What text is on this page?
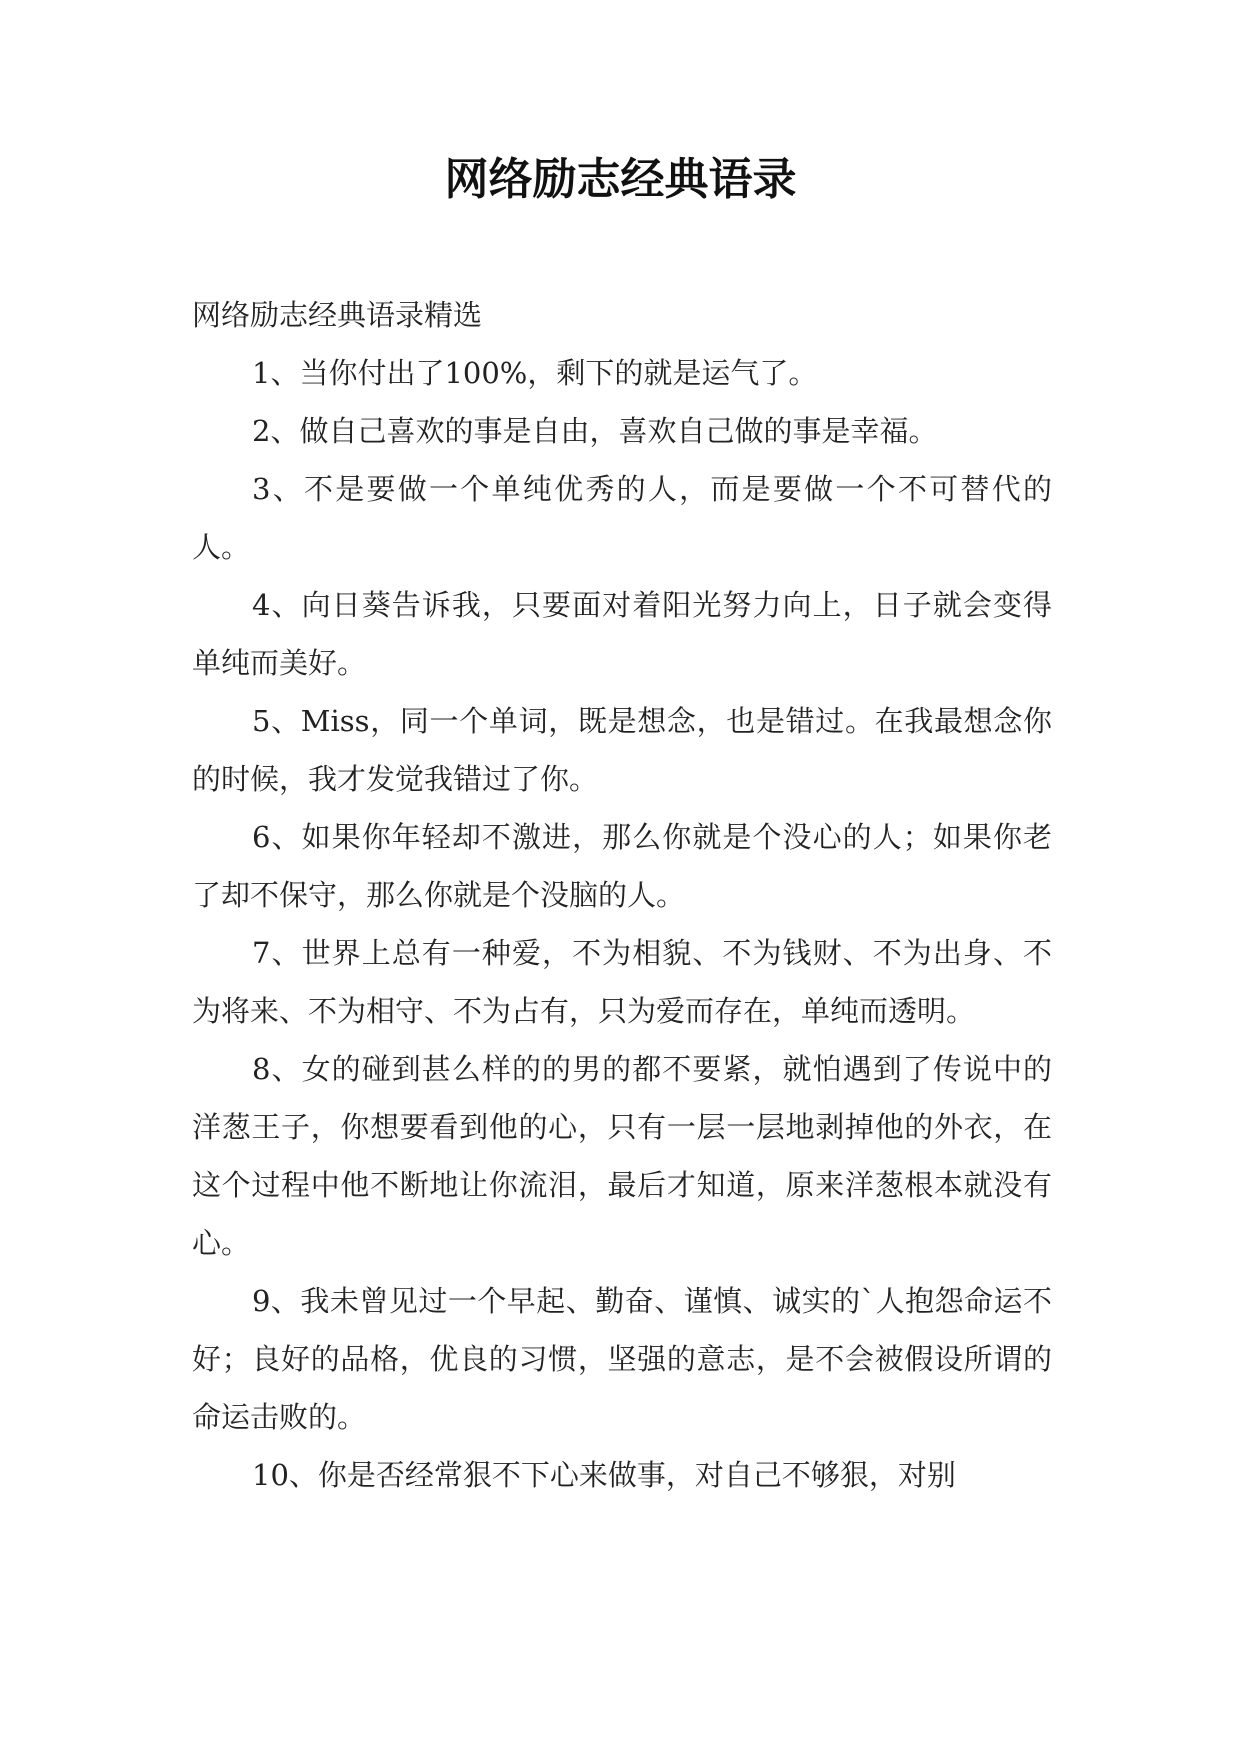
网络励志经典语录

网络励志经典语录精选

1、当你付出了100%，剩下的就是运气了。

2、做自己喜欢的事是自由，喜欢自己做的事是幸福。

3、不是要做一个单纯优秀的人，而是要做一个不可替代的人。

4、向日葵告诉我，只要面对着阳光努力向上，日子就会变得单纯而美好。

5、Miss，同一个单词，既是想念，也是错过。在我最想念你的时候，我才发觉我错过了你。

6、如果你年轻却不激进，那么你就是个没心的人；如果你老了却不保守，那么你就是个没脑的人。

7、世界上总有一种爱，不为相貌、不为钱财、不为出身、不为将来、不为相守、不为占有，只为爱而存在，单纯而透明。

8、女的碰到甚么样的的男的都不要紧，就怕遇到了传说中的洋葱王子，你想要看到他的心，只有一层一层地剥掉他的外衣，在这个过程中他不断地让你流泪，最后才知道，原来洋葱根本就没有心。

9、我未曾见过一个早起、勤奋、谨慎、诚实的`人抱怨命运不好；良好的品格，优良的习惯，坚强的意志，是不会被假设所谓的命运击败的。

10、你是否经常狠不下心来做事，对自己不够狠，对别
